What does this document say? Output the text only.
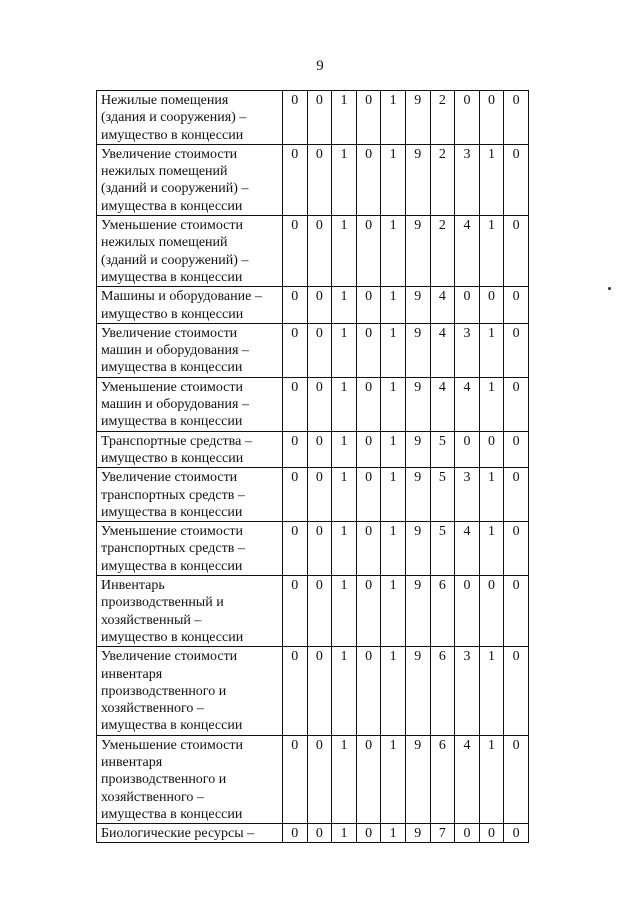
9
Нежилые помещения
(здания и сооружения) –
имущество в концессии	0	0	1	0	1	9	2	0	0	0
Увеличение стоимости
нежилых помещений
(зданий и сооружений) –
имущества в концессии	0	0	1	0	1	9	2	3	1	0
Уменьшение стоимости
нежилых помещений
(зданий и сооружений) –
имущества в концессии	0	0	1	0	1	9	2	4	1	0
Машины и оборудование –
имущество в концессии	0	0	1	0	1	9	4	0	0	0
Увеличение стоимости
машин и оборудования –
имущества в концессии	0	0	1	0	1	9	4	3	1	0
Уменьшение стоимости
машин и оборудования –
имущества в концессии	0	0	1	0	1	9	4	4	1	0
Транспортные средства –
имущество в концессии	0	0	1	0	1	9	5	0	0	0
Увеличение стоимости
транспортных средств –
имущества в концессии	0	0	1	0	1	9	5	3	1	0
Уменьшение стоимости
транспортных средств –
имущества в концессии	0	0	1	0	1	9	5	4	1	0
Инвентарь
производственный и
хозяйственный –
имущество в концессии	0	0	1	0	1	9	6	0	0	0
Увеличение стоимости
инвентаря
производственного и
хозяйственного –
имущества в концессии	0	0	1	0	1	9	6	3	1	0
Уменьшение стоимости
инвентаря
производственного и
хозяйственного –
имущества в концессии	0	0	1	0	1	9	6	4	1	0
Биологические ресурсы –	0	0	1	0	1	9	7	0	0	0
